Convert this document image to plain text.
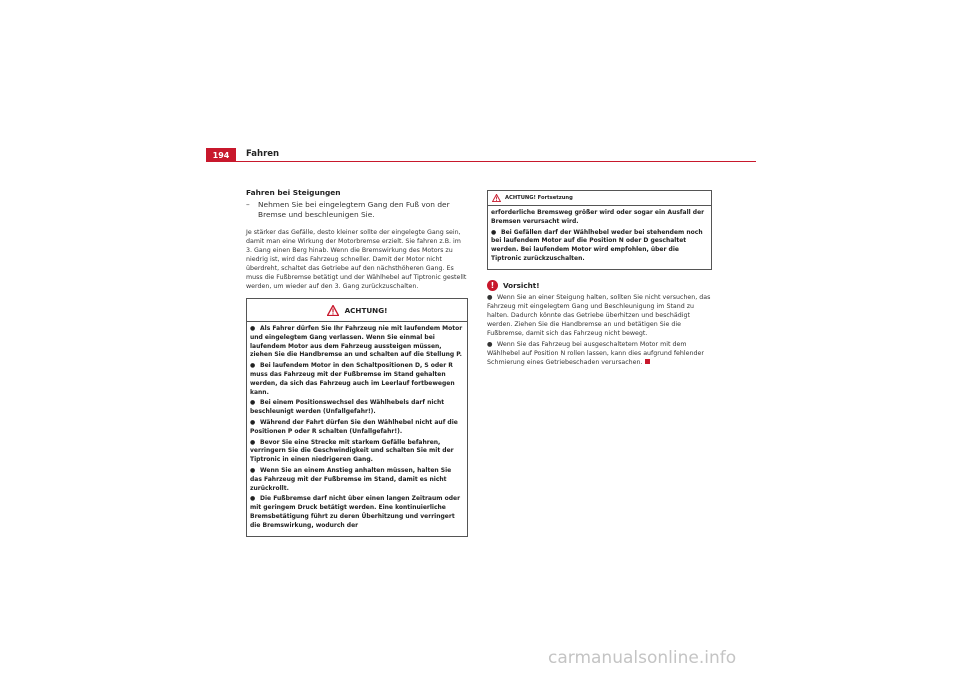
194	Fahren
Fahren bei Steigungen
–	Nehmen Sie bei eingelegtem Gang den Fuß von der Bremse und beschleunigen Sie.

Je stärker das Gefälle, desto kleiner sollte der eingelegte Gang sein, damit man eine Wirkung der Motorbremse erzielt. Sie fahren z.B. im 3. Gang einen Berg hinab. Wenn die Bremswirkung des Motors zu niedrig ist, wird das Fahrzeug schneller. Damit der Motor nicht überdreht, schaltet das Getriebe auf den nächsthöheren Gang. Es muss die Fußbremse betätigt und der Wählhebel auf Tiptronic gestellt werden, um wieder auf den 3. Gang zurückzuschalten.

ACHTUNG!
● Als Fahrer dürfen Sie Ihr Fahrzeug nie mit laufendem Motor und eingelegtem Gang verlassen. Wenn Sie einmal bei laufendem Motor aus dem Fahrzeug aussteigen müssen, ziehen Sie die Handbremse an und schalten auf die Stellung P.
● Bei laufendem Motor in den Schaltpositionen D, S oder R muss das Fahrzeug mit der Fußbremse im Stand gehalten werden, da sich das Fahrzeug auch im Leerlauf fortbewegen kann.
● Bei einem Positionswechsel des Wählhebels darf nicht beschleunigt werden (Unfallgefahr!).
● Während der Fahrt dürfen Sie den Wählhebel nicht auf die Positionen P oder R schalten (Unfallgefahr!).
● Bevor Sie eine Strecke mit starkem Gefälle befahren, verringern Sie die Geschwindigkeit und schalten Sie mit der Tiptronic in einen niedrigeren Gang.
● Wenn Sie an einem Anstieg anhalten müssen, halten Sie das Fahrzeug mit der Fußbremse im Stand, damit es nicht zurückrollt.
● Die Fußbremse darf nicht über einen langen Zeitraum oder mit geringem Druck betätigt werden. Eine kontinuierliche Bremsbetätigung führt zu deren Überhitzung und verringert die Bremswirkung, wodurch der
ACHTUNG! Fortsetzung
erforderliche Bremsweg größer wird oder sogar ein Ausfall der Bremsen verursacht wird.
● Bei Gefällen darf der Wählhebel weder bei stehendem noch bei laufendem Motor auf die Position N oder D geschaltet werden. Bei laufendem Motor wird empfohlen, über die Tiptronic zurückzuschalten.
!	Vorsicht!
● Wenn Sie an einer Steigung halten, sollten Sie nicht versuchen, das Fahrzeug mit eingelegtem Gang und Beschleunigung im Stand zu halten. Dadurch könnte das Getriebe überhitzen und beschädigt werden. Ziehen Sie die Handbremse an und betätigen Sie die Fußbremse, damit sich das Fahrzeug nicht bewegt.
● Wenn Sie das Fahrzeug bei ausgeschaltetem Motor mit dem Wählhebel auf Position N rollen lassen, kann dies aufgrund fehlender Schmierung eines Getriebeschaden verursachen.
carmanualsonline.info
